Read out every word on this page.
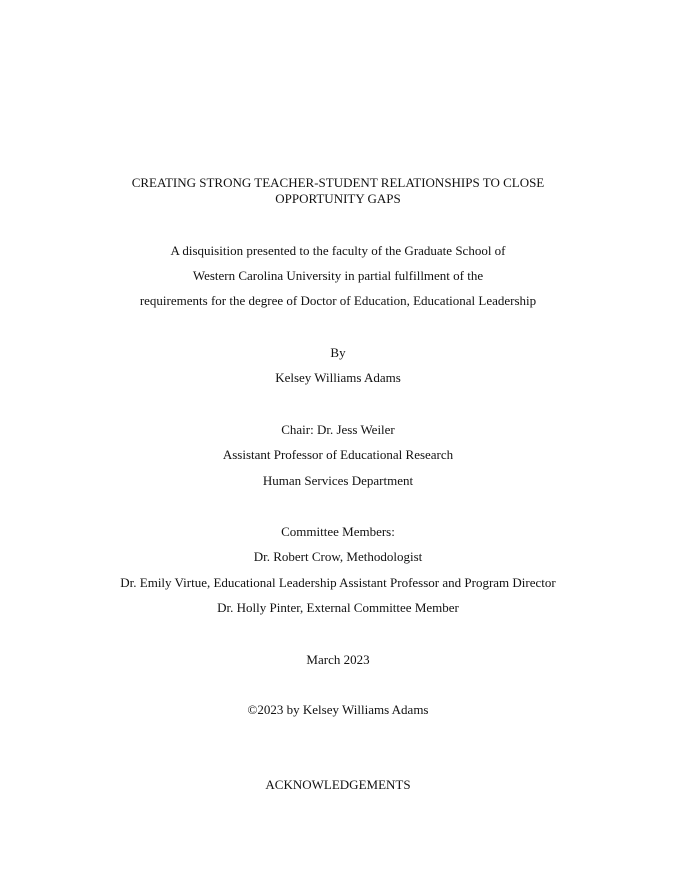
CREATING STRONG TEACHER-STUDENT RELATIONSHIPS TO CLOSE
OPPORTUNITY GAPS
A disquisition presented to the faculty of the Graduate School of
Western Carolina University in partial fulfillment of the
requirements for the degree of Doctor of Education, Educational Leadership
By
Kelsey Williams Adams
Chair: Dr. Jess Weiler
Assistant Professor of Educational Research
Human Services Department
Committee Members:
Dr. Robert Crow, Methodologist
Dr. Emily Virtue, Educational Leadership Assistant Professor and Program Director
Dr. Holly Pinter, External Committee Member
March 2023
©2023 by Kelsey Williams Adams
ACKNOWLEDGEMENTS
